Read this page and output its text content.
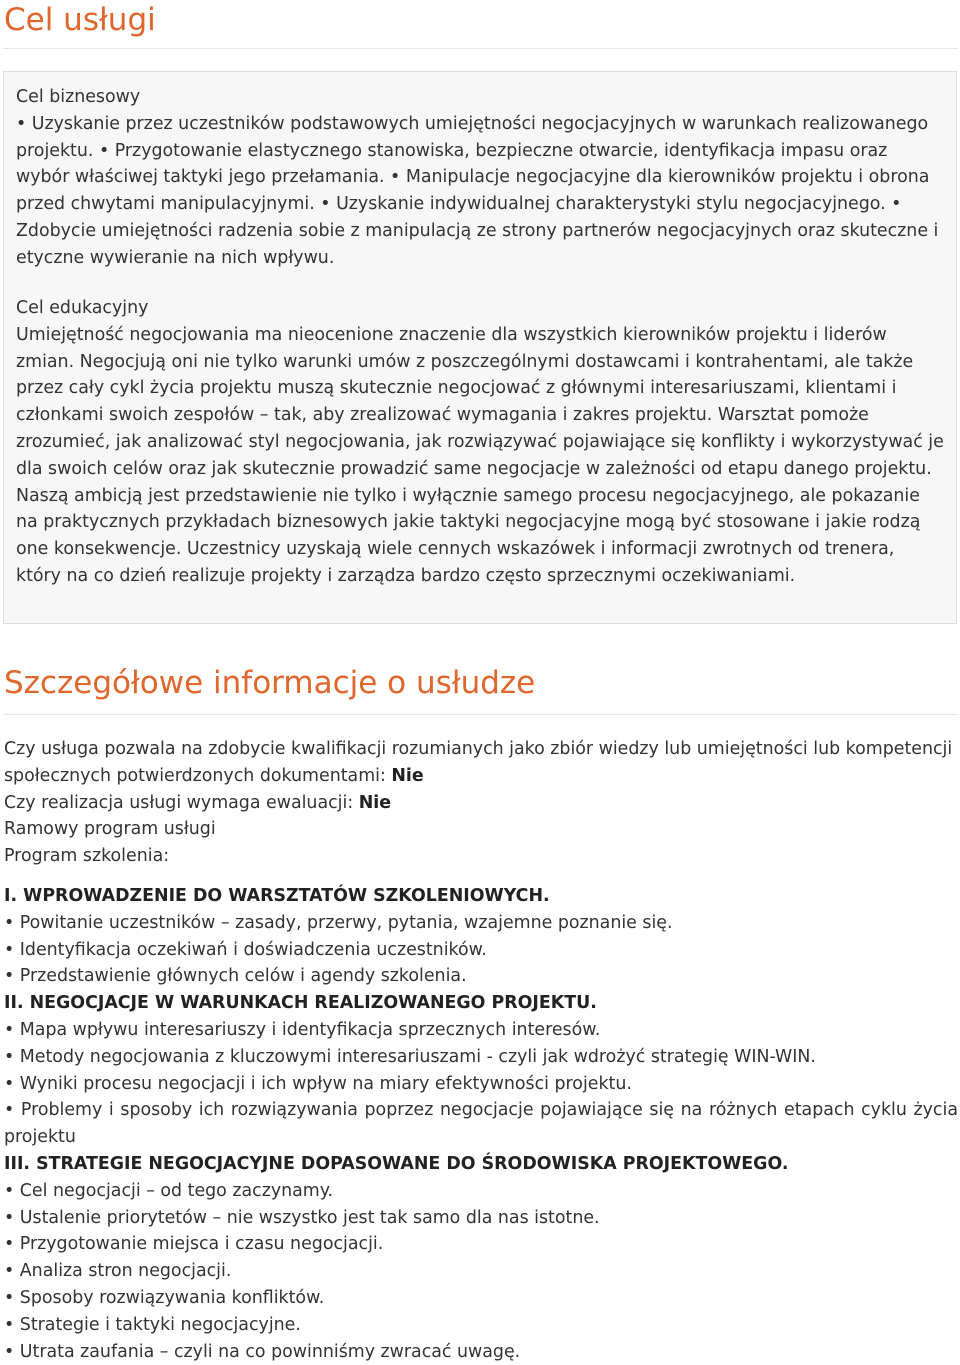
Cel usługi

Cel biznesowy
• Uzyskanie przez uczestników podstawowych umiejętności negocjacyjnych w warunkach realizowanego projektu. • Przygotowanie elastycznego stanowiska, bezpieczne otwarcie, identyfikacja impasu oraz wybór właściwej taktyki jego przełamania. • Manipulacje negocjacyjne dla kierowników projektu i obrona przed chwytami manipulacyjnymi. • Uzyskanie indywidualnej charakterystyki stylu negocjacyjnego. • Zdobycie umiejętności radzenia sobie z manipulacją ze strony partnerów negocjacyjnych oraz skuteczne i etyczne wywieranie na nich wpływu.

Cel edukacyjny
Umiejętność negocjowania ma nieocenione znaczenie dla wszystkich kierowników projektu i liderów zmian. Negocjują oni nie tylko warunki umów z poszczególnymi dostawcami i kontrahentami, ale także przez cały cykl życia projektu muszą skutecznie negocjować z głównymi interesariuszami, klientami i członkami swoich zespołów – tak, aby zrealizować wymagania i zakres projektu. Warsztat pomoże zrozumieć, jak analizować styl negocjowania, jak rozwiązywać pojawiające się konflikty i wykorzystywać je dla swoich celów oraz jak skutecznie prowadzić same negocjacje w zależności od etapu danego projektu. Naszą ambicją jest przedstawienie nie tylko i wyłącznie samego procesu negocjacyjnego, ale pokazanie na praktycznych przykładach biznesowych jakie taktyki negocjacyjne mogą być stosowane i jakie rodzą one konsekwencje. Uczestnicy uzyskają wiele cennych wskazówek i informacji zwrotnych od trenera, który na co dzień realizuje projekty i zarządza bardzo często sprzecznymi oczekiwaniami.

Szczegółowe informacje o usłudze
Czy usługa pozwala na zdobycie kwalifikacji rozumianych jako zbiór wiedzy lub umiejętności lub kompetencji społecznych potwierdzonych dokumentami: Nie
Czy realizacja usługi wymaga ewaluacji: Nie
Ramowy program usługi
Program szkolenia:
I. WPROWADZENIE DO WARSZTATÓW SZKOLENIOWYCH.
• Powitanie uczestników – zasady, przerwy, pytania, wzajemne poznanie się.
• Identyfikacja oczekiwań i doświadczenia uczestników.
• Przedstawienie głównych celów i agendy szkolenia.
II. NEGOCJACJE W WARUNKACH REALIZOWANEGO PROJEKTU.
• Mapa wpływu interesariuszy i identyfikacja sprzecznych interesów.
• Metody negocjowania z kluczowymi interesariuszami - czyli jak wdrożyć strategię WIN-WIN.
• Wyniki procesu negocjacji i ich wpływ na miary efektywności projektu.
• Problemy i sposoby ich rozwiązywania poprzez negocjacje pojawiające się na różnych etapach cyklu życia projektu
III. STRATEGIE NEGOCJACYJNE DOPASOWANE DO ŚRODOWISKA PROJEKTOWEGO.
• Cel negocjacji – od tego zaczynamy.
• Ustalenie priorytetów – nie wszystko jest tak samo dla nas istotne.
• Przygotowanie miejsca i czasu negocjacji.
• Analiza stron negocjacji.
• Sposoby rozwiązywania konfliktów.
• Strategie i taktyki negocjacyjne.
• Utrata zaufania – czyli na co powinniśmy zwracać uwagę.
